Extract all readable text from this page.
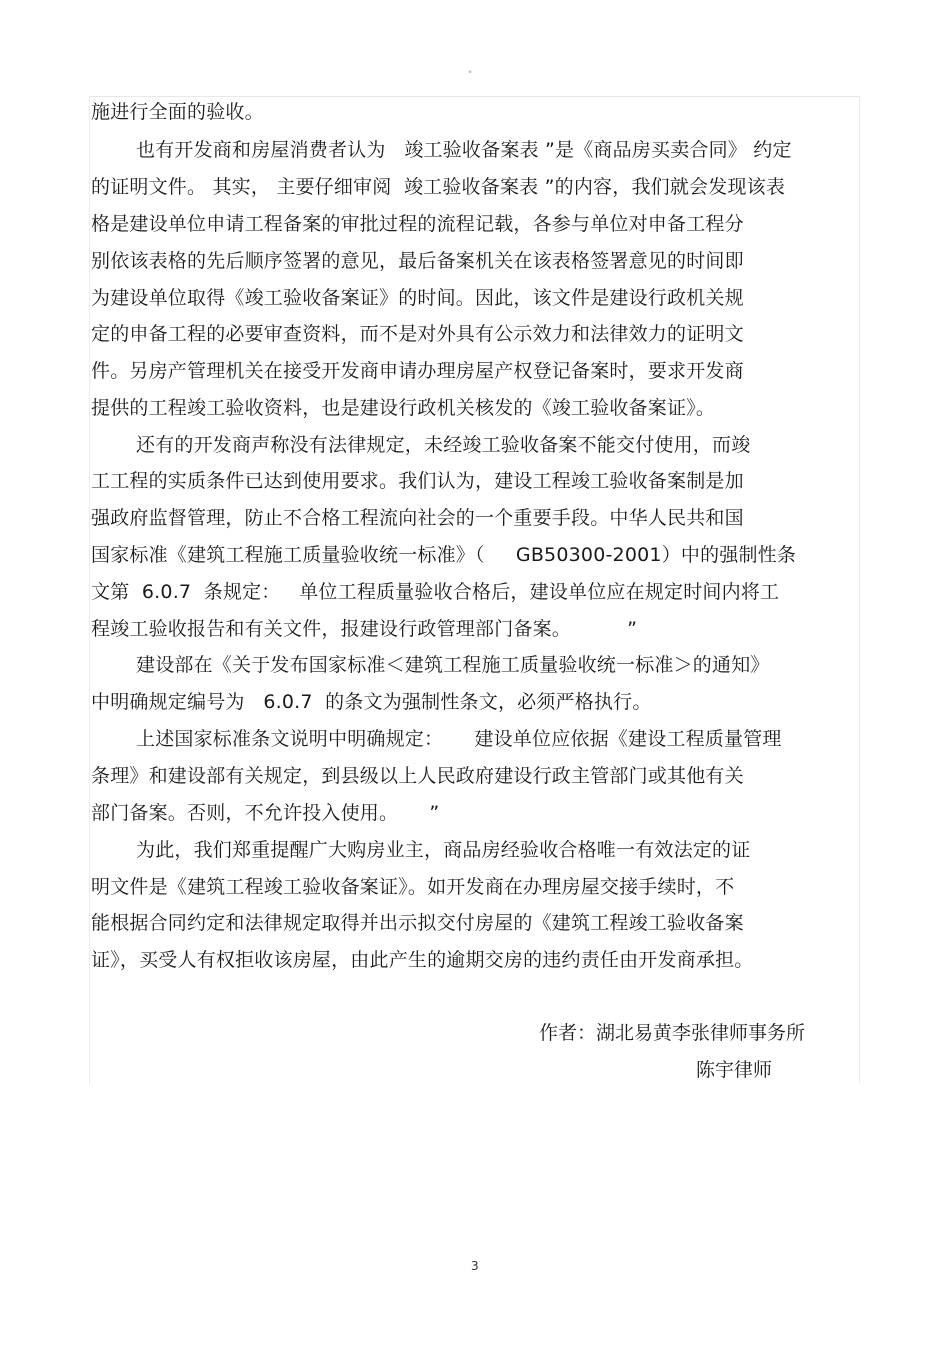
"
施进行全面的验收。
也有开发商和房屋消费者认为   竣工验收备案表 ”是《商品房买卖合同》 约定
的证明文件。 其实， 主要仔细审阅  竣工验收备案表 ”的内容，我们就会发现该表
格是建设单位申请工程备案的审批过程的流程记载，各参与单位对申备工程分
别依该表格的先后顺序签署的意见，最后备案机关在该表格签署意见的时间即
为建设单位取得《竣工验收备案证》的时间。因此，该文件是建设行政机关规
定的申备工程的必要审查资料，而不是对外具有公示效力和法律效力的证明文
件。另房产管理机关在接受开发商申请办理房屋产权登记备案时，要求开发商
提供的工程竣工验收资料，也是建设行政机关核发的《竣工验收备案证》。
还有的开发商声称没有法律规定，未经竣工验收备案不能交付使用，而竣
工工程的实质条件已达到使用要求。我们认为，建设工程竣工验收备案制是加
强政府监督管理，防止不合格工程流向社会的一个重要手段。中华人民共和国
国家标准《建筑工程施工质量验收统一标准》（     GB50300-2001）中的强制性条
文第  6.0.7  条规定：   单位工程质量验收合格后，建设单位应在规定时间内将工
程竣工验收报告和有关文件，报建设行政管理部门备案。         ”
建设部在《关于发布国家标准＜建筑工程施工质量验收统一标准＞的通知》
中明确规定编号为   6.0.7  的条文为强制性条文，必须严格执行。
上述国家标准条文说明中明确规定：     建设单位应依据《建设工程质量管理
条理》和建设部有关规定，到县级以上人民政府建设行政主管部门或其他有关
部门备案。否则，不允许投入使用。     ”
为此，我们郑重提醒广大购房业主，商品房经验收合格唯一有效法定的证
明文件是《建筑工程竣工验收备案证》。如开发商在办理房屋交接手续时，不
能根据合同约定和法律规定取得并出示拟交付房屋的《建筑工程竣工验收备案
证》，买受人有权拒收该房屋，由此产生的逾期交房的违约责任由开发商承担。
作者：湖北易黄李张律师事务所
陈宇律师
3
